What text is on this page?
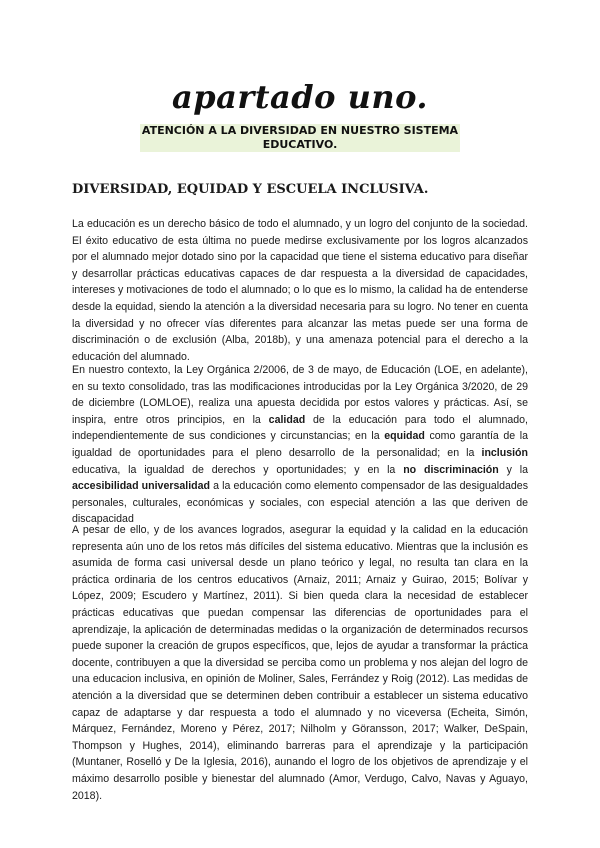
apartado uno.
ATENCIÓN A LA DIVERSIDAD EN NUESTRO SISTEMA
EDUCATIVO.
DIVERSIDAD, EQUIDAD Y ESCUELA INCLUSIVA.

La educación es un derecho básico de todo el alumnado, y un logro del conjunto de la sociedad. El éxito educativo de esta última no puede medirse exclusivamente por los logros alcanzados por el alumnado mejor dotado sino por la capacidad que tiene el sistema educativo para diseñar y desarrollar prácticas educativas capaces de dar respuesta a la diversidad de capacidades, intereses y motivaciones de todo el alumnado; o lo que es lo mismo, la calidad ha de entenderse desde la equidad, siendo la atención a la diversidad necesaria para su logro. No tener en cuenta la diversidad y no ofrecer vías diferentes para alcanzar las metas puede ser una forma de discriminación o de exclusión (Alba, 2018b), y una amenaza potencial para el derecho a la educación del alumnado.

En nuestro contexto, la Ley Orgánica 2/2006, de 3 de mayo, de Educación (LOE, en adelante), en su texto consolidado, tras las modificaciones introducidas por la Ley Orgánica 3/2020, de 29 de diciembre (LOMLOE), realiza una apuesta decidida por estos valores y prácticas. Así, se inspira, entre otros principios, en la calidad de la educación para todo el alumnado, independientemente de sus condiciones y circunstancias; en la equidad como garantía de la igualdad de oportunidades para el pleno desarrollo de la personalidad; en la inclusión educativa, la igualdad de derechos y oportunidades; y en la no discriminación y la accesibilidad universalidad a la educación como elemento compensador de las desigualdades personales, culturales, económicas y sociales, con especial atención a las que deriven de discapacidad

A pesar de ello, y de los avances logrados, asegurar la equidad y la calidad en la educación representa aún uno de los retos más difíciles del sistema educativo. Mientras que la inclusión es asumida de forma casi universal desde un plano teórico y legal, no resulta tan clara en la práctica ordinaria de los centros educativos (Arnaiz, 2011; Arnaiz y Guirao, 2015; Bolívar y López, 2009; Escudero y Martínez, 2011). Si bien queda clara la necesidad de establecer prácticas educativas que puedan compensar las diferencias de oportunidades para el aprendizaje, la aplicación de determinadas medidas o la organización de determinados recursos puede suponer la creación de grupos específicos, que, lejos de ayudar a transformar la práctica docente, contribuyen a que la diversidad se perciba como un problema y nos alejan del logro de una educacion inclusiva, en opinión de Moliner, Sales, Ferrández y Roig (2012). Las medidas de atención a la diversidad que se determinen deben contribuir a establecer un sistema educativo capaz de adaptarse y dar respuesta a todo el alumnado y no viceversa (Echeita, Simón, Márquez, Fernández, Moreno y Pérez, 2017; Nilholm y Göransson, 2017; Walker, DeSpain, Thompson y Hughes, 2014), eliminando barreras para el aprendizaje y la participación (Muntaner, Roselló y De la Iglesia, 2016), aunando el logro de los objetivos de aprendizaje y el máximo desarrollo posible y bienestar del alumnado (Amor, Verdugo, Calvo, Navas y Aguayo, 2018).
